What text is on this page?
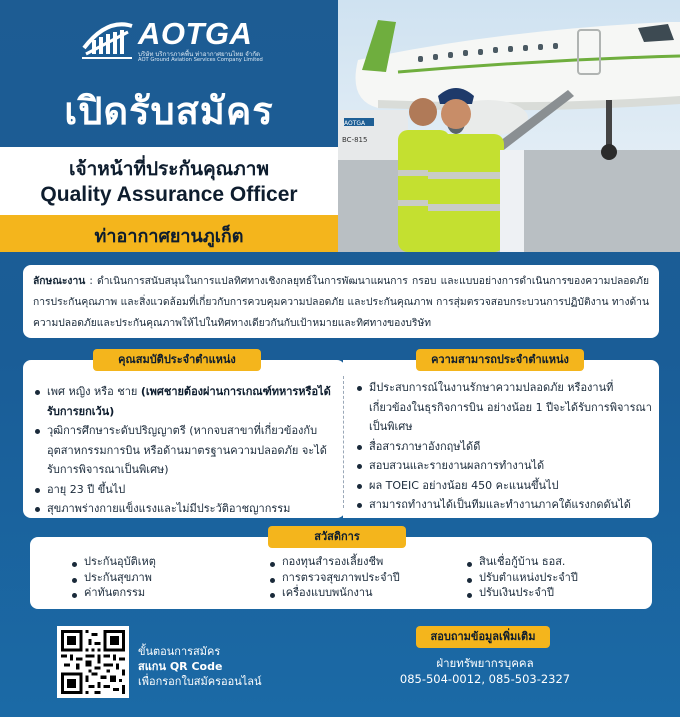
AOTGA
บริษัท บริการภาคพื้น ท่าอากาศยานไทย จำกัด
AOT Ground Aviation Services Company Limited
เปิดรับสมัคร
เจ้าหน้าที่ประกันคุณภาพ
Quality Assurance Officer
ท่าอากาศยานภูเก็ต
AOTGA
BC-815
ลักษณะงาน : ดำเนินการสนับสนุนในการแปลทิศทางเชิงกลยุทธ์ในการพัฒนาแผนการ กรอบ และแบบอย่างการดำเนินการของความปลอดภัย การประกันคุณภาพ และสิ่งแวดล้อมที่เกี่ยวกับการควบคุมความปลอดภัย และประกันคุณภาพ การสุ่มตรวจสอบกระบวนการปฏิบัติงาน ทางด้านความปลอดภัยและประกันคุณภาพให้ไปในทิศทางเดียวกันกับเป้าหมายและทิศทางของบริษัท
คุณสมบัติประจำตำแหน่ง	ความสามารถประจำตำแหน่ง
เพศ หญิง หรือ ชาย (เพศชายต้องผ่านการเกณฑ์ทหารหรือได้รับการยกเว้น)
วุฒิการศึกษาระดับปริญญาตรี (หากจบสาขาที่เกี่ยวข้องกับ อุตสาหกรรมการบิน หรือด้านมาตรฐานความปลอดภัย จะได้รับการพิจารณาเป็นพิเศษ)
อายุ 23 ปี ขึ้นไป
สุขภาพร่างกายแข็งแรงและไม่มีประวัติอาชญากรรม
มีประสบการณ์ในงานรักษาความปลอดภัย หรืองานที่เกี่ยวข้องในธุรกิจการบิน อย่างน้อย 1 ปีจะได้รับการพิจารณาเป็นพิเศษ
สื่อสารภาษาอังกฤษได้ดี
สอบสวนและรายงานผลการทำงานได้
ผล TOEIC อย่างน้อย 450 คะแนนขึ้นไป
สามารถทำงานได้เป็นทีมและทำงานภาคใต้แรงกดดันได้
สวัสดิการ
ประกันอุบัติเหตุ
ประกันสุขภาพ
ค่าทันตกรรม
กองทุนสำรองเลี้ยงชีพ
การตรวจสุขภาพประจำปี
เครื่องแบบพนักงาน
สินเชื่อกู้บ้าน ธอส.
ปรับตำแหน่งประจำปี
ปรับเงินประจำปี
ขั้นตอนการสมัคร
สแกน QR Code
เพื่อกรอกใบสมัครออนไลน์
สอบถามข้อมูลเพิ่มเติม
ฝ่ายทรัพยากรบุคคล
085-504-0012, 085-503-2327
